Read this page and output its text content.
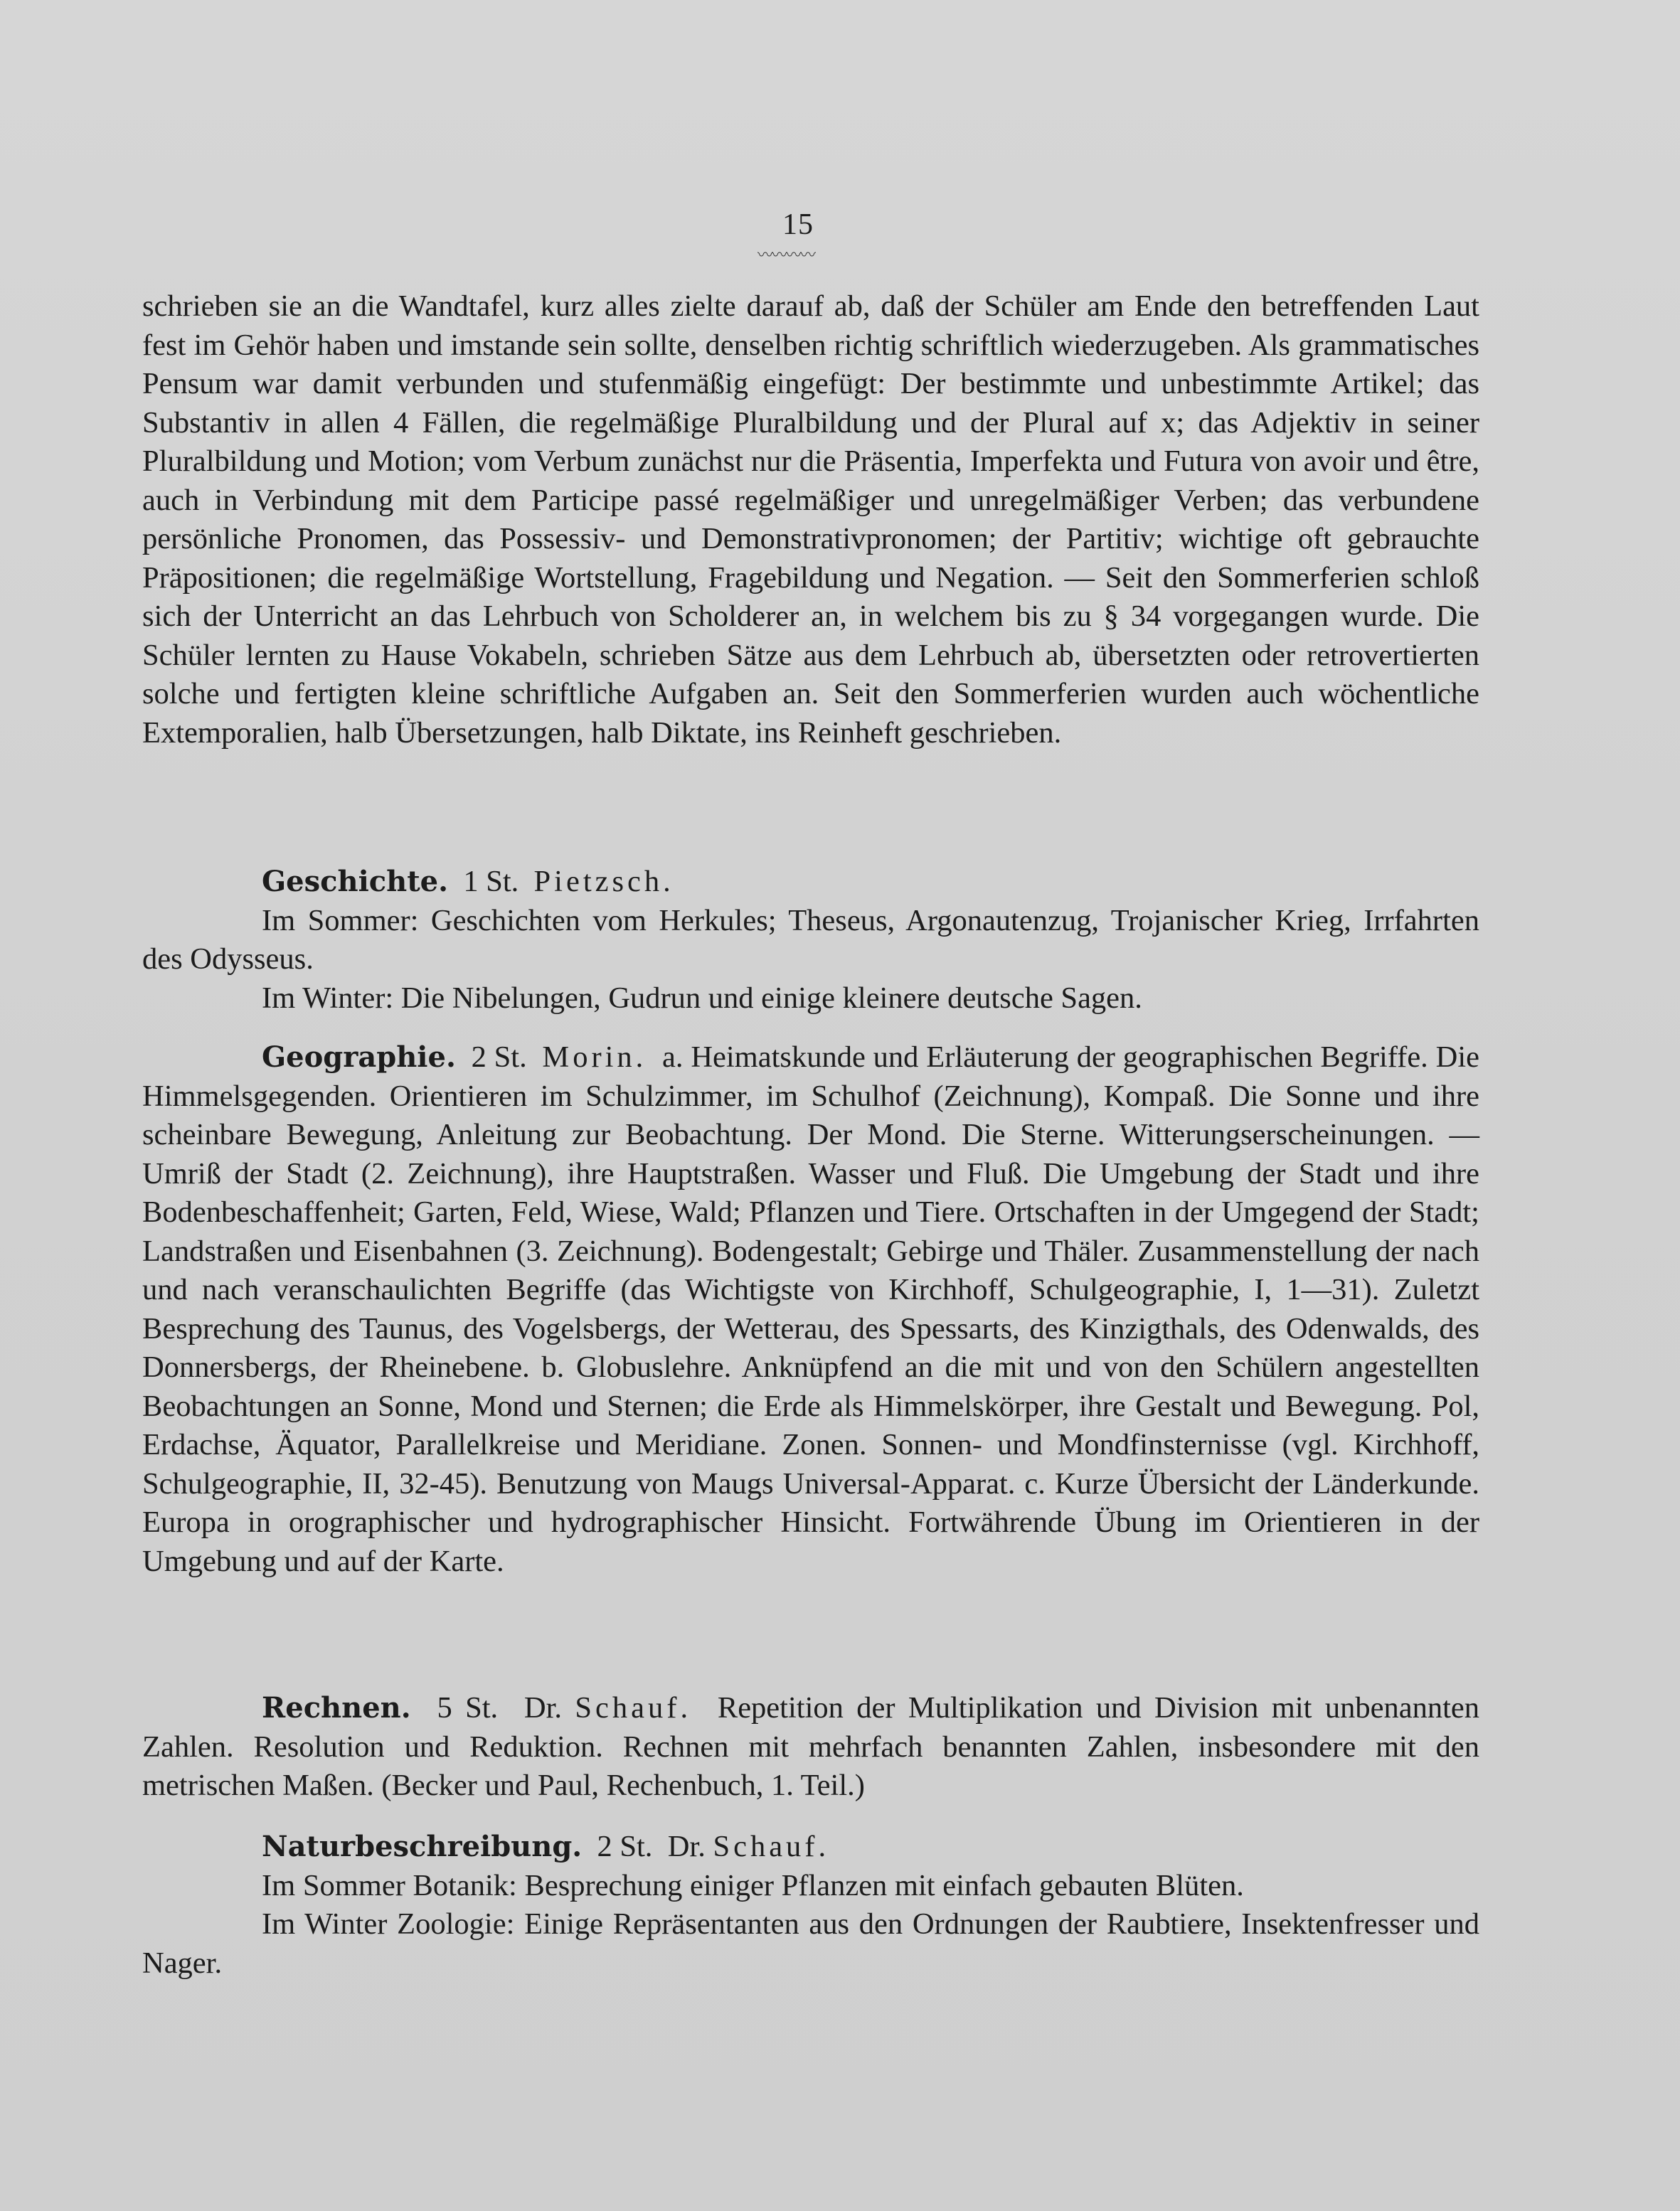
15
〰〰〰〰

schrieben sie an die Wandtafel, kurz alles zielte darauf ab, daß der Schüler am Ende den betreffenden Laut fest im Gehör haben und imstande sein sollte, denselben richtig schriftlich wiederzugeben. Als grammatisches Pensum war damit verbunden und stufenmäßig eingefügt: Der bestimmte und unbestimmte Artikel; das Substantiv in allen 4 Fällen, die regelmäßige Pluralbildung und der Plural auf x; das Adjektiv in seiner Pluralbildung und Motion; vom Verbum zunächst nur die Präsentia, Imperfekta und Futura von avoir und être, auch in Verbindung mit dem Participe passé regelmäßiger und unregelmäßiger Verben; das verbundene persönliche Pronomen, das Possessiv- und Demonstrativpronomen; der Partitiv; wichtige oft gebrauchte Präpositionen; die regelmäßige Wortstellung, Fragebildung und Negation. — Seit den Sommerferien schloß sich der Unterricht an das Lehrbuch von Scholderer an, in welchem bis zu § 34 vorgegangen wurde. Die Schüler lernten zu Hause Vokabeln, schrieben Sätze aus dem Lehrbuch ab, übersetzten oder retrovertierten solche und fertigten kleine schriftliche Aufgaben an. Seit den Sommerferien wurden auch wöchentliche Extemporalien, halb Übersetzungen, halb Diktate, ins Reinheft geschrieben.

Geschichte. 1 St. Pietzsch.

Im Sommer: Geschichten vom Herkules; Theseus, Argonautenzug, Trojanischer Krieg, Irrfahrten des Odysseus.

Im Winter: Die Nibelungen, Gudrun und einige kleinere deutsche Sagen.

Geographie. 2 St. Morin. a. Heimatskunde und Erläuterung der geographischen Begriffe. Die Himmelsgegenden. Orientieren im Schulzimmer, im Schulhof (Zeichnung), Kompaß. Die Sonne und ihre scheinbare Bewegung, Anleitung zur Beobachtung. Der Mond. Die Sterne. Witterungserscheinungen. — Umriß der Stadt (2. Zeichnung), ihre Hauptstraßen. Wasser und Fluß. Die Umgebung der Stadt und ihre Bodenbeschaffenheit; Garten, Feld, Wiese, Wald; Pflanzen und Tiere. Ortschaften in der Umgegend der Stadt; Landstraßen und Eisenbahnen (3. Zeichnung). Bodengestalt; Gebirge und Thäler. Zusammenstellung der nach und nach veranschaulichten Begriffe (das Wichtigste von Kirchhoff, Schulgeographie, I, 1—31). Zuletzt Besprechung des Taunus, des Vogelsbergs, der Wetterau, des Spessarts, des Kinzigthals, des Odenwalds, des Donnersbergs, der Rheinebene. b. Globuslehre. Anknüpfend an die mit und von den Schülern angestellten Beobachtungen an Sonne, Mond und Sternen; die Erde als Himmelskörper, ihre Gestalt und Bewegung. Pol, Erdachse, Äquator, Parallelkreise und Meridiane. Zonen. Sonnen- und Mondfinsternisse (vgl. Kirchhoff, Schulgeographie, II, 32-45). Benutzung von Maugs Universal-Apparat. c. Kurze Übersicht der Länderkunde. Europa in orographischer und hydrographischer Hinsicht. Fortwährende Übung im Orientieren in der Umgebung und auf der Karte.

Rechnen. 5 St. Dr. Schauf. Repetition der Multiplikation und Division mit unbenannten Zahlen. Resolution und Reduktion. Rechnen mit mehrfach benannten Zahlen, insbesondere mit den metrischen Maßen. (Becker und Paul, Rechenbuch, 1. Teil.)

Naturbeschreibung. 2 St. Dr. Schauf.

Im Sommer Botanik: Besprechung einiger Pflanzen mit einfach gebauten Blüten.

Im Winter Zoologie: Einige Repräsentanten aus den Ordnungen der Raubtiere, Insektenfresser und Nager.
